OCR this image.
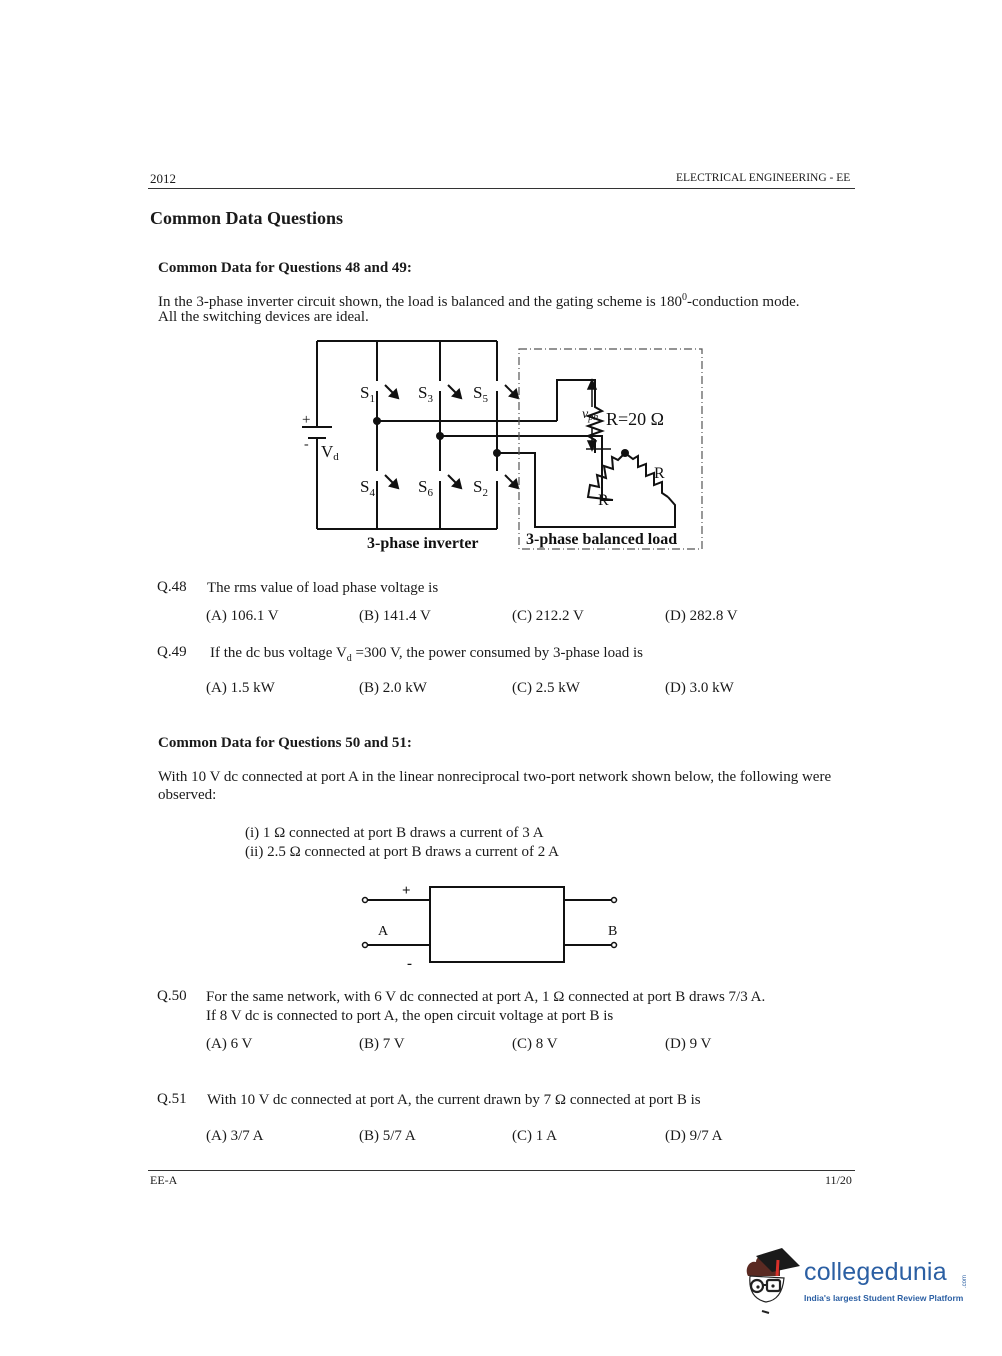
2012	ELECTRICAL ENGINEERING - EE
Common Data Questions
Common Data for Questions 48 and 49:
In the 3-phase inverter circuit shown, the load is balanced and the gating scheme is $180^0$-conduction mode.
All the switching devices are ideal.
$S_1$	$S_3$ $S_5$
$S_4$	$S_6$ $S_2$
+
- Vd
vph R=20 Ω
R
R
3-phase inverter	3-phase balanced load
Q.48 The rms value of load phase voltage is
(A) 106.1 V	(B) 141.4 V	(C) 212.2 V	(D) 282.8 V
Q.49 If the dc bus voltage $V_d =300$ V, the power consumed by 3-phase load is
(A) 1.5 kW	(B) 2.0 kW	(C) 2.5 kW	(D) 3.0 kW
Common Data for Questions 50 and 51:
With 10 V dc connected at port A in the linear nonreciprocal two-port network shown below, the following were observed:
(i) 1 Ω connected at port B draws a current of 3 A
(ii) 2.5 Ω connected at port B draws a current of 2 A
+
-
A	B
Q.50 For the same network, with 6 V dc connected at port A, 1 Ω connected at port B draws 7/3 A.
If 8 V dc is connected to port A, the open circuit voltage at port B is
(A) 6 V	(B) 7 V	(C) 8 V	(D) 9 V
Q.51 With 10 V dc connected at port A, the current drawn by 7 Ω connected at port B is
(A) 3/7 A	(B) 5/7 A	(C) 1 A	(D) 9/7 A
EE-A	11/20
collegedunia	.com
India's largest Student Review Platform
